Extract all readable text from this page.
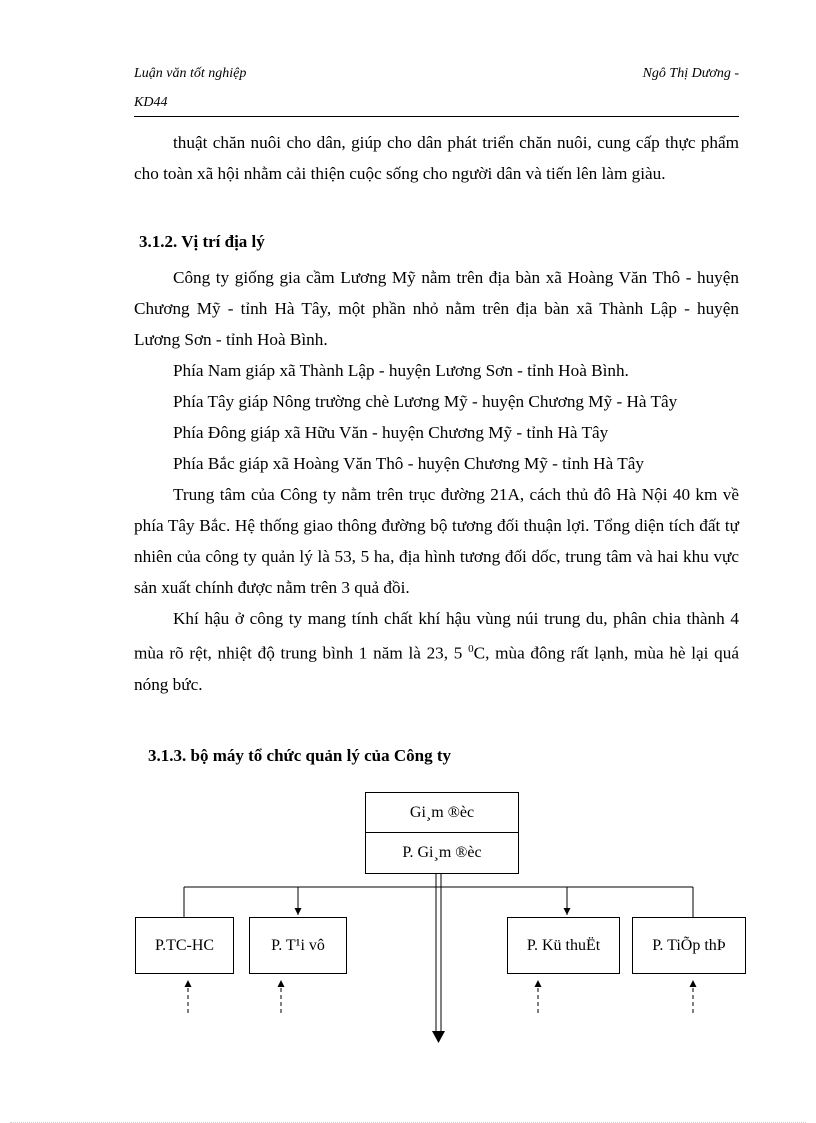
Luận văn tốt nghiệp	Ngô Thị Dương -
KD44

thuật chăn nuôi cho dân, giúp cho dân phát triển chăn nuôi, cung cấp thực phẩm cho toàn xã hội nhằm cải thiện cuộc sống cho người dân và tiến lên làm giàu.

3.1.2. Vị trí địa lý

Công ty giống gia cầm Lương Mỹ nằm trên địa bàn xã Hoàng Văn Thô - huyện Chương Mỹ - tỉnh Hà Tây, một phần nhỏ nằm trên địa bàn xã Thành Lập - huyện Lương Sơn - tỉnh Hoà Bình.

Phía Nam giáp xã Thành Lập - huyện Lương Sơn - tỉnh Hoà Bình.

Phía Tây giáp Nông trường chè Lương Mỹ - huyện Chương Mỹ - Hà Tây

Phía Đông giáp xã Hữu Văn - huyện Chương Mỹ - tỉnh Hà Tây

Phía Bắc giáp xã Hoàng Văn Thô - huyện Chương Mỹ - tỉnh Hà Tây

Trung tâm của Công ty nằm trên trục đường 21A, cách thủ đô Hà Nội 40 km về phía Tây Bắc. Hệ thống giao thông đường bộ tương đối thuận lợi. Tổng diện tích đất tự nhiên của công ty quản lý là 53, 5 ha, địa hình tương đối dốc, trung tâm và hai khu vực sản xuất chính được nằm trên 3 quả đồi.

Khí hậu ở công ty mang tính chất khí hậu vùng núi trung du, phân chia thành 4 mùa rõ rệt, nhiệt độ trung bình 1 năm là 23, 5 $^0$C, mùa đông rất lạnh, mùa hè lại quá nóng bức.

3.1.3. bộ máy tổ chức quản lý của Công ty
Gi¸m ®èc
P. Gi¸m ®èc
P.TC-HC	P. T¹i vô	P. Kü thuËt	P. TiÕp thÞ
